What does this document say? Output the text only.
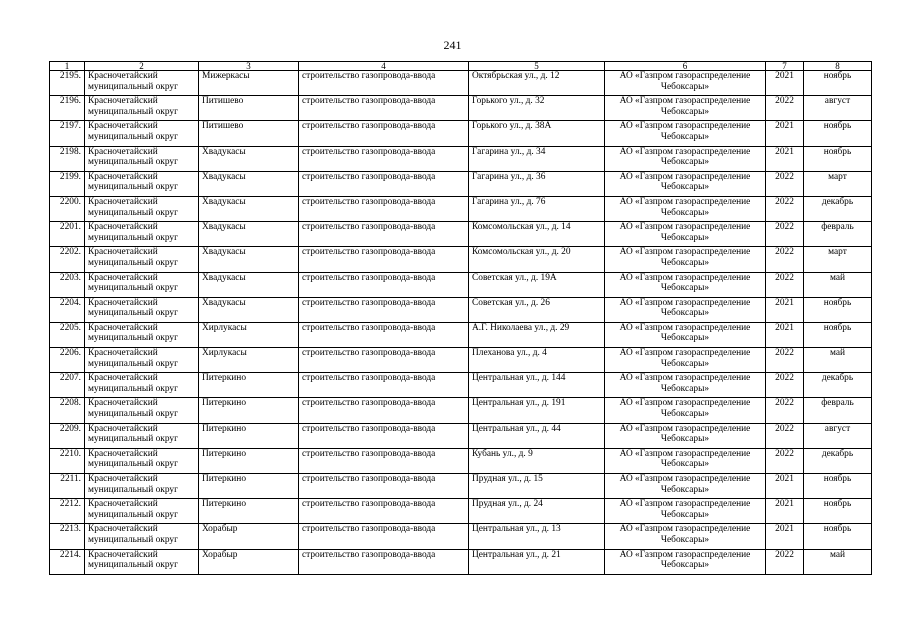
241
1	2	3	4	5	6	7	8
2195.	Красночетайский муниципальный округ	Мижеркасы	строительство газопровода-ввода	Октябрьская ул., д. 12	АО «Газпром газораспределение Чебоксары»	2021	ноябрь
2196.	Красночетайский муниципальный округ	Питишево	строительство газопровода-ввода	Горького ул., д. 32	АО «Газпром газораспределение Чебоксары»	2022	август
2197.	Красночетайский муниципальный округ	Питишево	строительство газопровода-ввода	Горького ул., д. 38А	АО «Газпром газораспределение Чебоксары»	2021	ноябрь
2198.	Красночетайский муниципальный округ	Хвадукасы	строительство газопровода-ввода	Гагарина ул., д. 34	АО «Газпром газораспределение Чебоксары»	2021	ноябрь
2199.	Красночетайский муниципальный округ	Хвадукасы	строительство газопровода-ввода	Гагарина ул., д. 36	АО «Газпром газораспределение Чебоксары»	2022	март
2200.	Красночетайский муниципальный округ	Хвадукасы	строительство газопровода-ввода	Гагарина ул., д. 76	АО «Газпром газораспределение Чебоксары»	2022	декабрь
2201.	Красночетайский муниципальный округ	Хвадукасы	строительство газопровода-ввода	Комсомольская ул., д. 14	АО «Газпром газораспределение Чебоксары»	2022	февраль
2202.	Красночетайский муниципальный округ	Хвадукасы	строительство газопровода-ввода	Комсомольская ул., д. 20	АО «Газпром газораспределение Чебоксары»	2022	март
2203.	Красночетайский муниципальный округ	Хвадукасы	строительство газопровода-ввода	Советская ул., д. 19А	АО «Газпром газораспределение Чебоксары»	2022	май
2204.	Красночетайский муниципальный округ	Хвадукасы	строительство газопровода-ввода	Советская ул., д. 26	АО «Газпром газораспределение Чебоксары»	2021	ноябрь
2205.	Красночетайский муниципальный округ	Хирлукасы	строительство газопровода-ввода	А.Г. Николаева ул., д. 29	АО «Газпром газораспределение Чебоксары»	2021	ноябрь
2206.	Красночетайский муниципальный округ	Хирлукасы	строительство газопровода-ввода	Плеханова ул., д. 4	АО «Газпром газораспределение Чебоксары»	2022	май
2207.	Красночетайский муниципальный округ	Питеркино	строительство газопровода-ввода	Центральная ул., д. 144	АО «Газпром газораспределение Чебоксары»	2022	декабрь
2208.	Красночетайский муниципальный округ	Питеркино	строительство газопровода-ввода	Центральная ул., д. 191	АО «Газпром газораспределение Чебоксары»	2022	февраль
2209.	Красночетайский муниципальный округ	Питеркино	строительство газопровода-ввода	Центральная ул., д. 44	АО «Газпром газораспределение Чебоксары»	2022	август
2210.	Красночетайский муниципальный округ	Питеркино	строительство газопровода-ввода	Кубань ул., д. 9	АО «Газпром газораспределение Чебоксары»	2022	декабрь
2211.	Красночетайский муниципальный округ	Питеркино	строительство газопровода-ввода	Прудная ул., д. 15	АО «Газпром газораспределение Чебоксары»	2021	ноябрь
2212.	Красночетайский муниципальный округ	Питеркино	строительство газопровода-ввода	Прудная ул., д. 24	АО «Газпром газораспределение Чебоксары»	2021	ноябрь
2213.	Красночетайский муниципальный округ	Хорабыр	строительство газопровода-ввода	Центральная ул., д. 13	АО «Газпром газораспределение Чебоксары»	2021	ноябрь
2214.	Красночетайский муниципальный округ	Хорабыр	строительство газопровода-ввода	Центральная ул., д. 21	АО «Газпром газораспределение Чебоксары»	2022	май
